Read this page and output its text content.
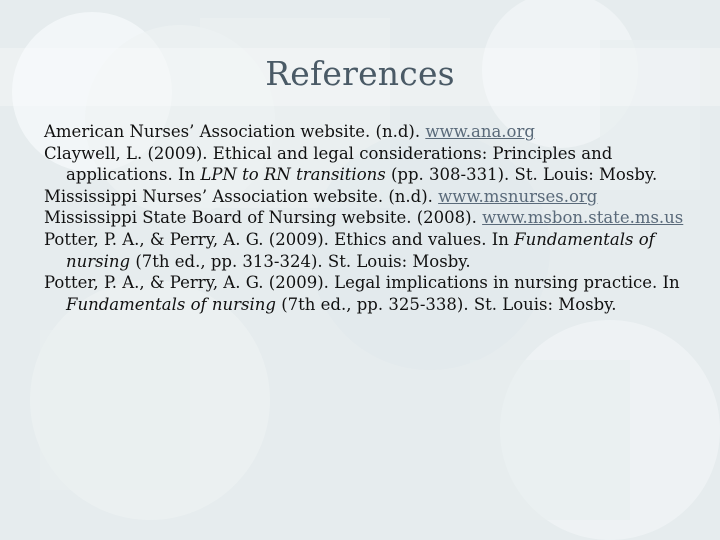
References

American Nurses’ Association website. (n.d). www.ana.org

Claywell, L. (2009). Ethical and legal considerations: Principles and applications. In LPN to RN transitions (pp. 308-331). St. Louis: Mosby.

Mississippi Nurses’ Association website. (n.d). www.msnurses.org

Mississippi State Board of Nursing website. (2008). www.msbon.state.ms.us

Potter, P. A., & Perry, A. G. (2009). Ethics and values. In Fundamentals of nursing (7th ed., pp. 313-324). St. Louis: Mosby.

Potter, P. A., & Perry, A. G. (2009). Legal implications in nursing practice. In Fundamentals of nursing (7th ed., pp. 325-338). St. Louis: Mosby.
